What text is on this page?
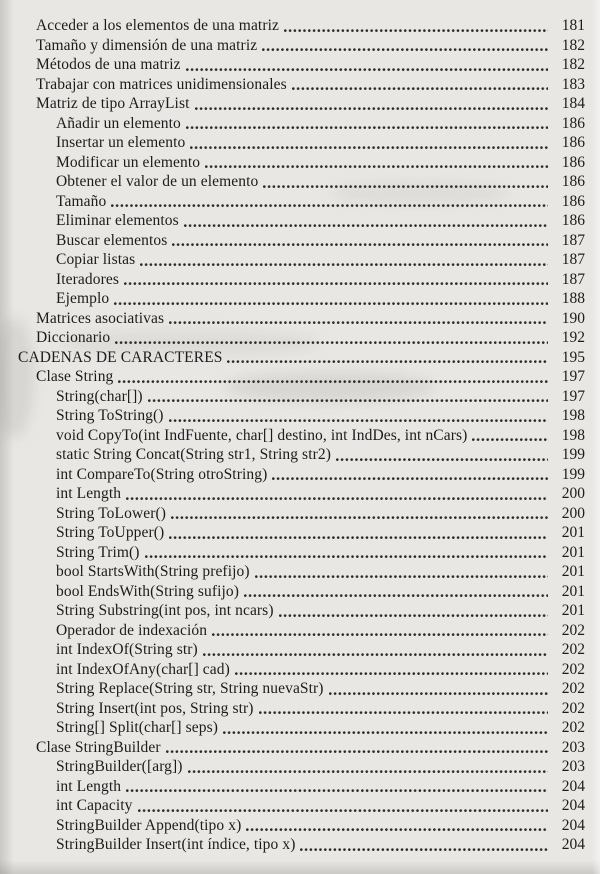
Acceder a los elementos de una matriz	181
Tamaño y dimensión de una matriz	182
Métodos de una matriz	182
Trabajar con matrices unidimensionales	183
Matriz de tipo ArrayList	184
Añadir un elemento	186
Insertar un elemento	186
Modificar un elemento	186
Obtener el valor de un elemento	186
Tamaño	186
Eliminar elementos	186
Buscar elementos	187
Copiar listas	187
Iteradores	187
Ejemplo	188
Matrices asociativas	190
Diccionario	192
CADENAS DE CARACTERES	195
Clase String	197
String(char[])	197
String ToString()	198
void CopyTo(int IndFuente, char[] destino, int IndDes, int nCars)	198
static String Concat(String str1, String str2)	199
int CompareTo(String otroString)	199
int Length	200
String ToLower()	200
String ToUpper()	201
String Trim()	201
bool StartsWith(String prefijo)	201
bool EndsWith(String sufijo)	201
String Substring(int pos, int ncars)	201
Operador de indexación	202
int IndexOf(String str)	202
int IndexOfAny(char[] cad)	202
String Replace(String str, String nuevaStr)	202
String Insert(int pos, String str)	202
String[] Split(char[] seps)	202
Clase StringBuilder	203
StringBuilder([arg])	203
int Length	204
int Capacity	204
StringBuilder Append(tipo x)	204
StringBuilder Insert(int índice, tipo x)	204
